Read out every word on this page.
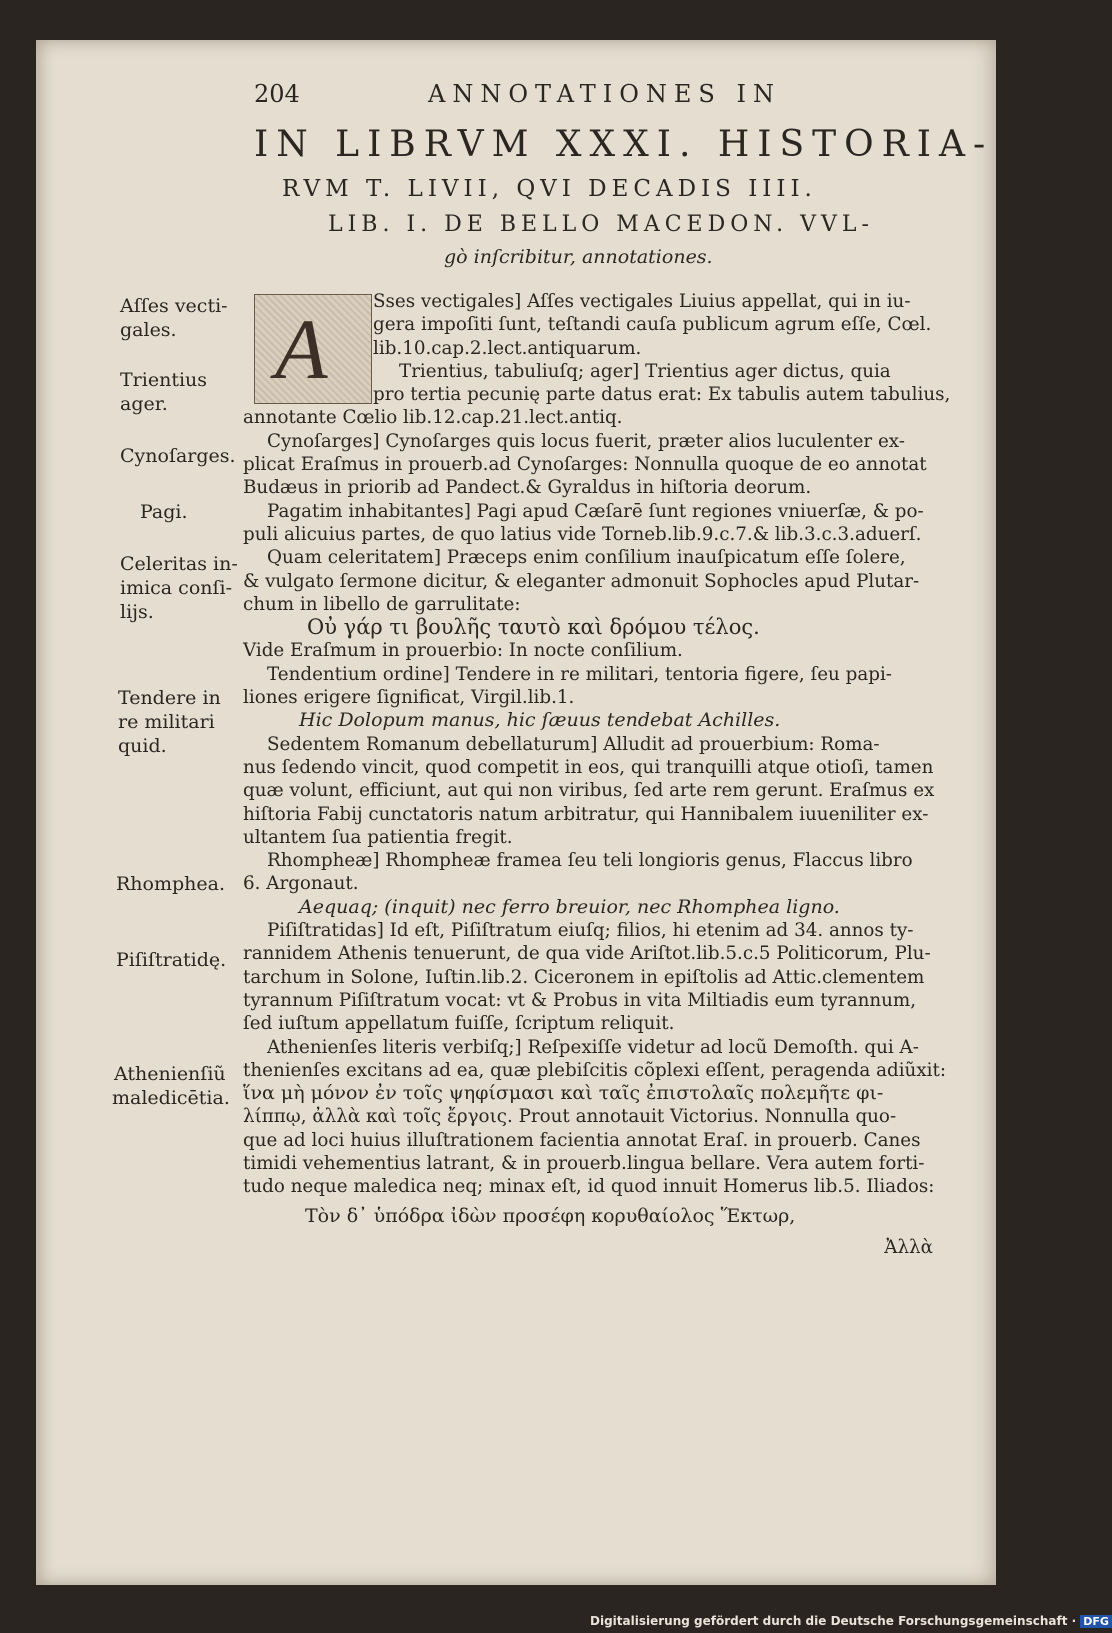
204	ANNOTATIONES IN
IN LIBRVM XXXI. HISTORIA-
RVM T. LIVII, QVI DECADIS IIII.
LIB. I. DE BELLO MACEDON. VVL-
gò inſcribitur, annotationes.
A
Aſſes vecti-
gales.
Trientius
ager.
Cynoſarges.
Pagi.
Celeritas in-
imica conſi-
lijs.
Tendere in
re militari
quid.
Rhomphea.
Piſiſtratidę.
Athenienſiũ
maledicētia.
Sses vectigales] Aſſes vectigales Liuius appellat, qui in iu-
gera impoſiti ſunt, teſtandi cauſa publicum agrum eſſe, Cœl.
lib.10.cap.2.lect.antiquarum.
Trientius, tabuliuſq; ager] Trientius ager dictus, quia
pro tertia pecunię parte datus erat: Ex tabulis autem tabulius,
annotante Cœlio lib.12.cap.21.lect.antiq.
Cynoſarges] Cynoſarges quis locus fuerit, præter alios luculenter ex-
plicat Eraſmus in prouerb.ad Cynoſarges: Nonnulla quoque de eo annotat
Budæus in priorib ad Pandect.& Gyraldus in hiſtoria deorum.
Pagatim inhabitantes] Pagi apud Cæſarē ſunt regiones vniuerſæ, & po-
puli alicuius partes, de quo latius vide Torneb.lib.9.c.7.& lib.3.c.3.aduerſ.
Quam celeritatem] Præceps enim conſilium inauſpicatum eſſe ſolere,
& vulgato ſermone dicitur, & eleganter admonuit Sophocles apud Plutar-
chum in libello de garrulitate:
Οὐ γάρ τι βουλῆς ταυτὸ καὶ δρόμου τέλος.
Vide Eraſmum in prouerbio: In nocte conſilium.
Tendentium ordine] Tendere in re militari, tentoria figere, ſeu papi-
liones erigere ſignificat, Virgil.lib.1.
Hic Dolopum manus, hic ſæuus tendebat Achilles.
Sedentem Romanum debellaturum] Alludit ad prouerbium: Roma-
nus ſedendo vincit, quod competit in eos, qui tranquilli atque otioſi, tamen
quæ volunt, efficiunt, aut qui non viribus, ſed arte rem gerunt. Eraſmus ex
hiſtoria Fabij cunctatoris natum arbitratur, qui Hannibalem iuueniliter ex-
ultantem ſua patientia fregit.
Rhompheæ] Rhompheæ framea ſeu teli longioris genus, Flaccus libro
6. Argonaut.
Aequaq; (inquit) nec ferro breuior, nec Rhomphea ligno.
Piſiſtratidas] Id eſt, Piſiſtratum eiuſq; filios, hi etenim ad 34. annos ty-
rannidem Athenis tenuerunt, de qua vide Ariſtot.lib.5.c.5 Politicorum, Plu-
tarchum in Solone, Iuſtin.lib.2. Ciceronem in epiſtolis ad Attic.clementem
tyrannum Piſiſtratum vocat: vt & Probus in vita Miltiadis eum tyrannum,
ſed iuſtum appellatum fuiſſe, ſcriptum reliquit.
Athenienſes literis verbiſq;] Reſpexiſſe videtur ad locũ Demoſth. qui A-
thenienſes excitans ad ea, quæ plebiſcitis cõplexi eſſent, peragenda adiũxit:
ἵνα μὴ μόνον ἐν τοῖς ψηφίσμασι καὶ ταῖς ἐπιστολαῖς πολεμῆτε φι-
λίππῳ, ἀλλὰ καὶ τοῖς ἔργοις. Prout annotauit Victorius. Nonnulla quo-
que ad loci huius illuſtrationem facientia annotat Eraſ. in prouerb. Canes
timidi vehementius latrant, & in prouerb.lingua bellare. Vera autem forti-
tudo neque maledica neq; minax eſt, id quod innuit Homerus lib.5. Iliados:
Τὸν δ᾽ ὑπόδρα ἰδὼν προσέφη κορυθαίολος Ἕκτωρ,
Ἀλλὰ
Digitalisierung gefördert durch die Deutsche Forschungsgemeinschaft · DFG
